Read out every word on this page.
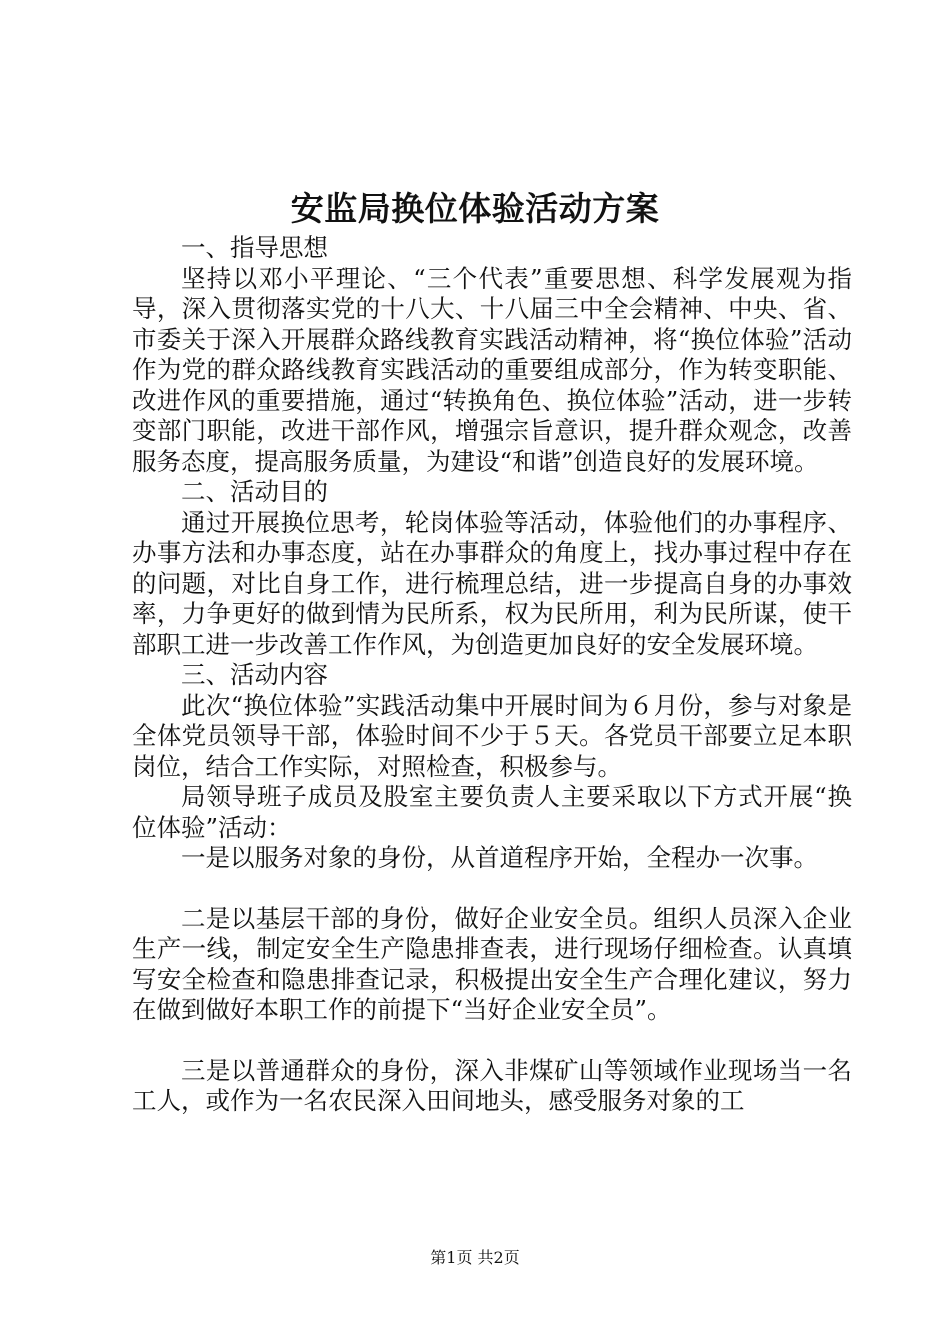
安监局换位体验活动方案

一、指导思想

坚持以邓小平理论、“三个代表”重要思想、科学发展观为指导，深入贯彻落实党的十八大、十八届三中全会精神、中央、省、市委关于深入开展群众路线教育实践活动精神，将“换位体验”活动作为党的群众路线教育实践活动的重要组成部分，作为转变职能、改进作风的重要措施，通过“转换角色、换位体验”活动，进一步转变部门职能，改进干部作风，增强宗旨意识，提升群众观念，改善服务态度，提高服务质量，为建设“和谐”创造良好的发展环境。

二、活动目的

通过开展换位思考，轮岗体验等活动，体验他们的办事程序、办事方法和办事态度，站在办事群众的角度上，找办事过程中存在的问题，对比自身工作，进行梳理总结，进一步提高自身的办事效率，力争更好的做到情为民所系，权为民所用，利为民所谋，使干部职工进一步改善工作作风，为创造更加良好的安全发展环境。

三、活动内容

此次“换位体验”实践活动集中开展时间为６月份，参与对象是全体党员领导干部，体验时间不少于５天。各党员干部要立足本职岗位，结合工作实际，对照检查，积极参与。

局领导班子成员及股室主要负责人主要采取以下方式开展“换位体验”活动：

一是以服务对象的身份，从首道程序开始，全程办一次事。

二是以基层干部的身份，做好企业安全员。组织人员深入企业生产一线，制定安全生产隐患排查表，进行现场仔细检查。认真填写安全检查和隐患排查记录，积极提出安全生产合理化建议，努力在做到做好本职工作的前提下“当好企业安全员”。

三是以普通群众的身份，深入非煤矿山等领域作业现场当一名工人，或作为一名农民深入田间地头，感受服务对象的工

第1页 共2页
